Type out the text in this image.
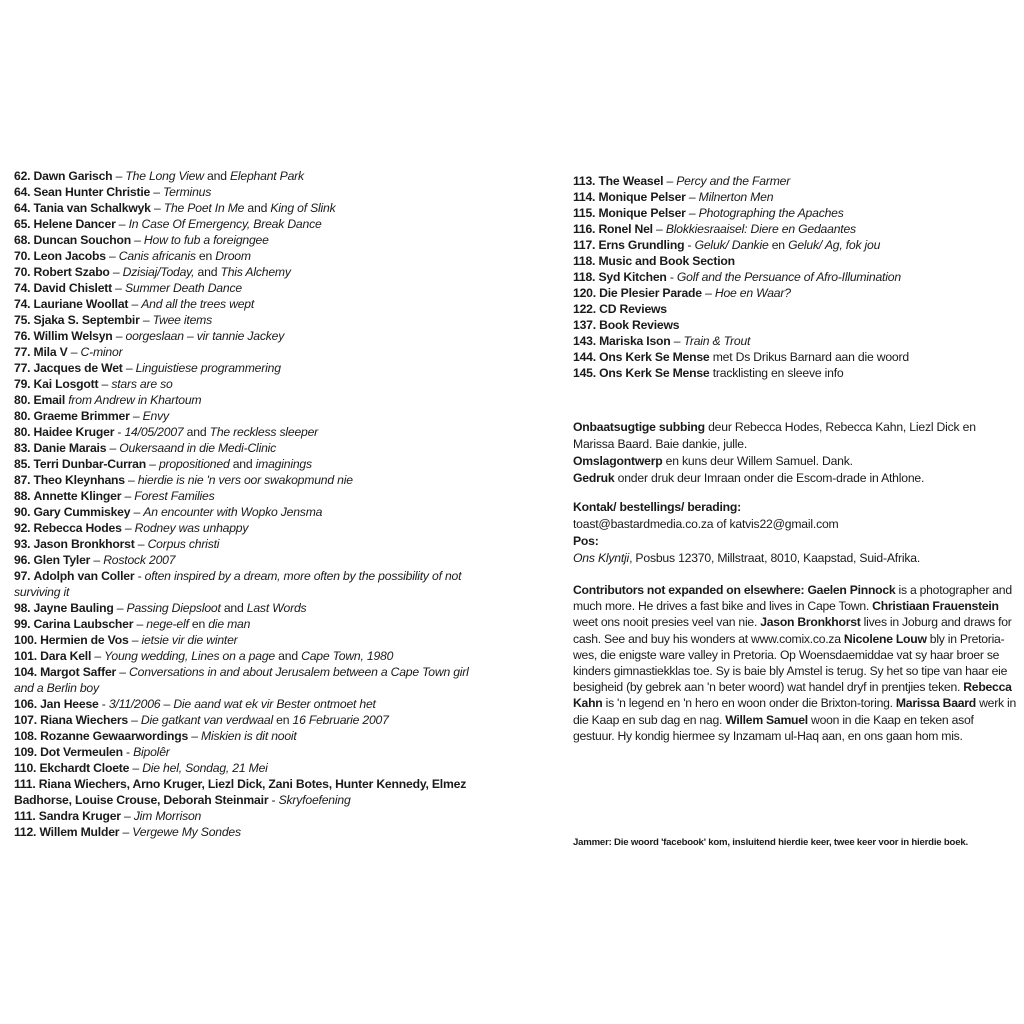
62. Dawn Garisch – The Long View and Elephant Park
64. Sean Hunter Christie – Terminus
64. Tania van Schalkwyk – The Poet In Me and King of Slink
65. Helene Dancer – In Case Of Emergency, Break Dance
68. Duncan Souchon – How to fub a foreigngee
70. Leon Jacobs – Canis africanis en Droom
70. Robert Szabo – Dzisiaj/Today, and This Alchemy
74. David Chislett – Summer Death Dance
74. Lauriane Woollat – And all the trees wept
75. Sjaka S. Septembir – Twee items
76. Willim Welsyn – oorgeslaan – vir tannie Jackey
77. Mila V – C-minor
77. Jacques de Wet – Linguistiese programmering
79. Kai Losgott – stars are so
80. Email from Andrew in Khartoum
80. Graeme Brimmer – Envy
80. Haidee Kruger - 14/05/2007 and The reckless sleeper
83. Danie Marais – Oukersaand in die Medi-Clinic
85. Terri Dunbar-Curran – propositioned and imaginings
87. Theo Kleynhans – hierdie is nie 'n vers oor swakopmund nie
88. Annette Klinger – Forest Families
90. Gary Cummiskey – An encounter with Wopko Jensma
92. Rebecca Hodes – Rodney was unhappy
93. Jason Bronkhorst – Corpus christi
96. Glen Tyler – Rostock 2007
97. Adolph van Coller - often inspired by a dream, more often by the possibility of not surviving it
98. Jayne Bauling – Passing Diepsloot and Last Words
99. Carina Laubscher – nege-elf en die man
100. Hermien de Vos – ietsie vir die winter
101. Dara Kell – Young wedding, Lines on a page and Cape Town, 1980
104. Margot Saffer – Conversations in and about Jerusalem between a Cape Town girl and a Berlin boy
106. Jan Heese - 3/11/2006 – Die aand wat ek vir Bester ontmoet het
107. Riana Wiechers – Die gatkant van verdwaal en 16 Februarie 2007
108. Rozanne Gewaarwordings – Miskien is dit nooit
109. Dot Vermeulen - Bipolêr
110. Ekchardt Cloete – Die hel, Sondag, 21 Mei
111. Riana Wiechers, Arno Kruger, Liezl Dick, Zani Botes, Hunter Kennedy, Elmez Badhorse, Louise Crouse, Deborah Steinmair - Skryfoefening
111. Sandra Kruger – Jim Morrison
112. Willem Mulder – Vergewe My Sondes
113. The Weasel – Percy and the Farmer
114. Monique Pelser – Milnerton Men
115. Monique Pelser – Photographing the Apaches
116. Ronel Nel – Blokkiesraaisel: Diere en Gedaantes
117. Erns Grundling - Geluk/ Dankie en Geluk/ Ag, fok jou
118. Music and Book Section
118. Syd Kitchen - Golf and the Persuance of Afro-Illumination
120. Die Plesier Parade – Hoe en Waar?
122. CD Reviews
137. Book Reviews
143. Mariska Ison – Train & Trout
144. Ons Kerk Se Mense met Ds Drikus Barnard aan die woord
145. Ons Kerk Se Mense tracklisting en sleeve info
Onbaatsugtige subbing deur Rebecca Hodes, Rebecca Kahn, Liezl Dick en Marissa Baard. Baie dankie, julle.
Omslagontwerp en kuns deur Willem Samuel. Dank.
Gedruk onder druk deur Imraan onder die Escom-drade in Athlone.
Kontak/ bestellings/ berading:
toast@bastardmedia.co.za of katvis22@gmail.com
Pos:
Ons Klyntji, Posbus 12370, Millstraat, 8010, Kaapstad, Suid-Afrika.
Contributors not expanded on elsewhere: Gaelen Pinnock is a photographer and much more. He drives a fast bike and lives in Cape Town. Christiaan Frauenstein weet ons nooit presies veel van nie. Jason Bronkhorst lives in Joburg and draws for cash. See and buy his wonders at www.comix.co.za Nicolene Louw bly in Pretoria-wes, die enigste ware valley in Pretoria. Op Woensdaemiddae vat sy haar broer se kinders gimnastiekklas toe. Sy is baie bly Amstel is terug. Sy het so tipe van haar eie besigheid (by gebrek aan 'n beter woord) wat handel dryf in prentjies teken. Rebecca Kahn is 'n legend en 'n hero en woon onder die Brixton-toring. Marissa Baard werk in die Kaap en sub dag en nag. Willem Samuel woon in die Kaap en teken asof gestuur. Hy kondig hiermee sy Inzamam ul-Haq aan, en ons gaan hom mis.
Jammer: Die woord 'facebook' kom, insluitend hierdie keer, twee keer voor in hierdie boek.
